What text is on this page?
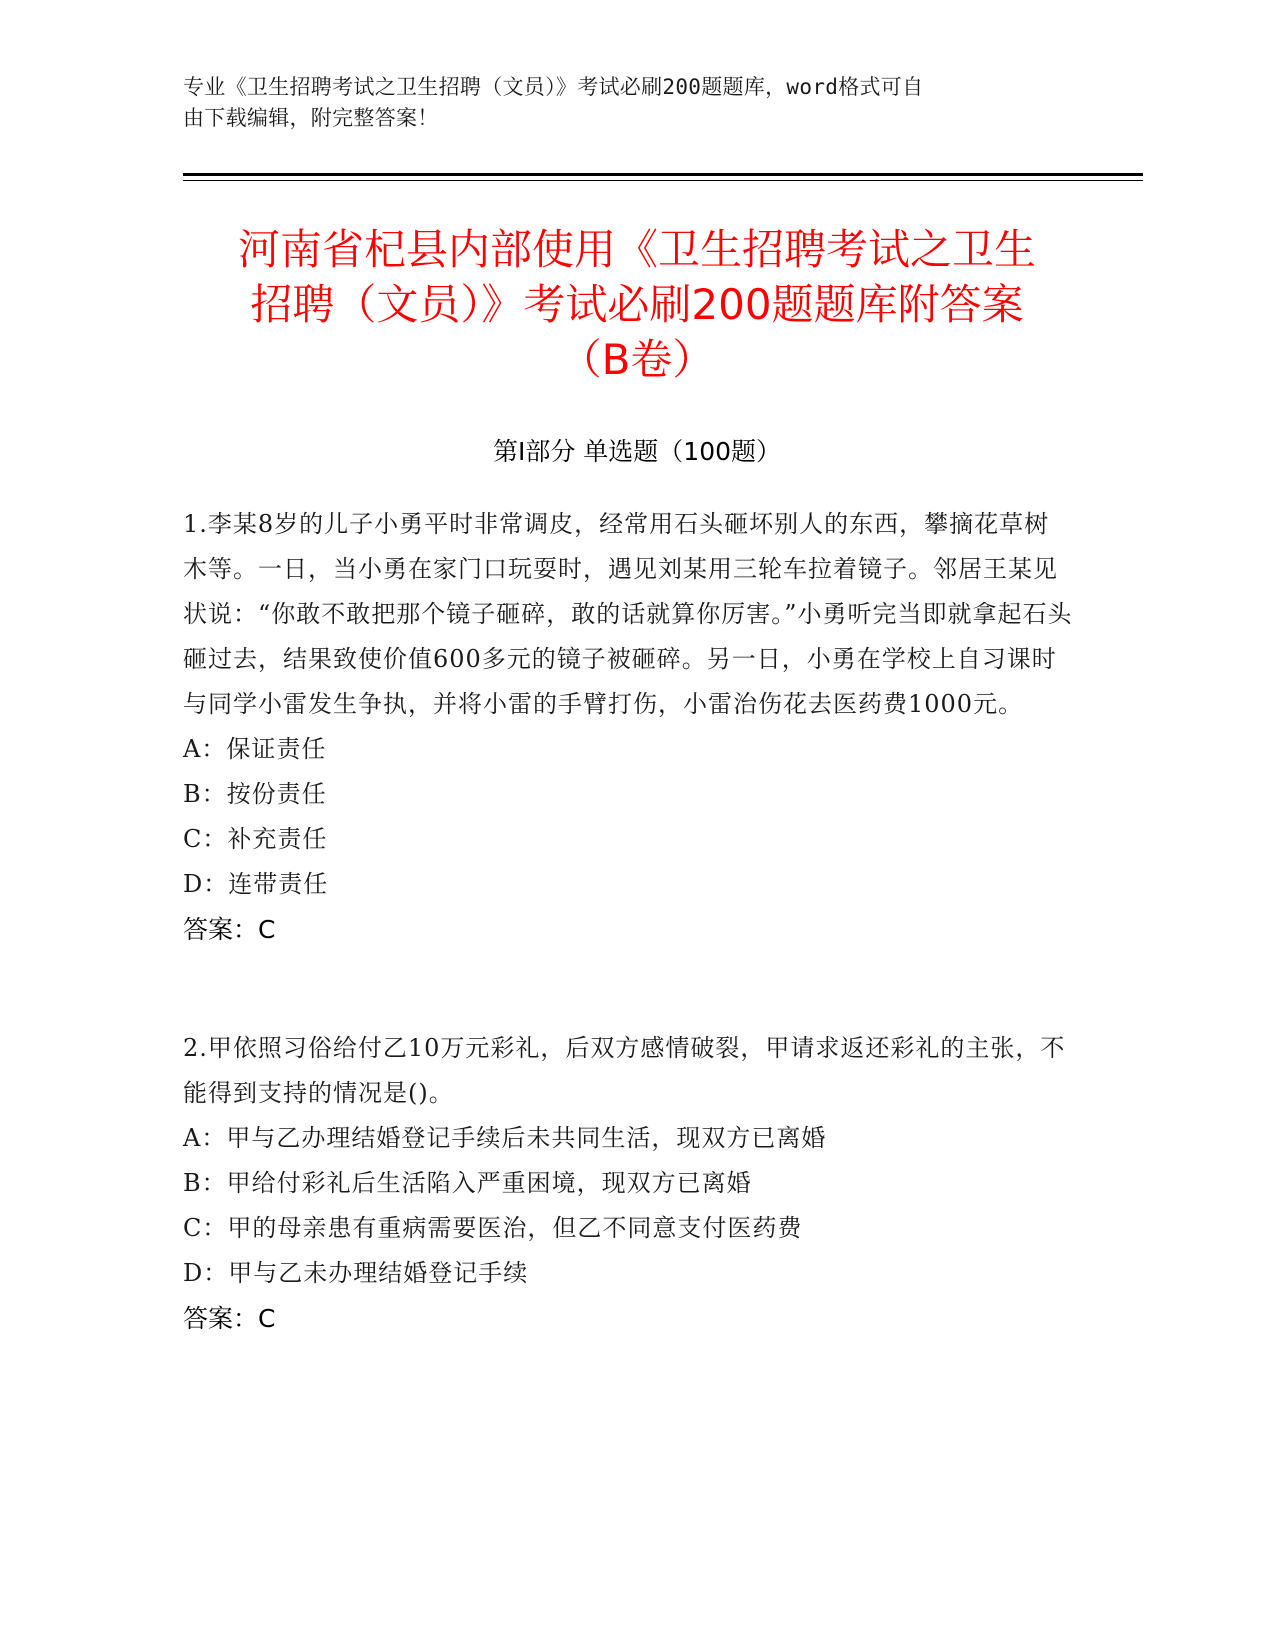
专业《卫生招聘考试之卫生招聘（文员）》考试必刷200题题库，word格式可自
由下载编辑，附完整答案！
河南省杞县内部使用《卫生招聘考试之卫生
招聘（文员）》考试必刷200题题库附答案
（B卷）
第Ⅰ部分 单选题（100题）
1.李某8岁的儿子小勇平时非常调皮，经常用石头砸坏别人的东西，攀摘花草树木等。一日，当小勇在家门口玩耍时，遇见刘某用三轮车拉着镜子。邻居王某见状说：“你敢不敢把那个镜子砸碎，敢的话就算你厉害。”小勇听完当即就拿起石头砸过去，结果致使价值600多元的镜子被砸碎。另一日，小勇在学校上自习课时与同学小雷发生争执，并将小雷的手臂打伤，小雷治伤花去医药费1000元。
A：保证责任
B：按份责任
C：补充责任
D：连带责任
答案：C
2.甲依照习俗给付乙10万元彩礼，后双方感情破裂，甲请求返还彩礼的主张，不能得到支持的情况是()。
A：甲与乙办理结婚登记手续后未共同生活，现双方已离婚
B：甲给付彩礼后生活陷入严重困境，现双方已离婚
C：甲的母亲患有重病需要医治，但乙不同意支付医药费
D：甲与乙未办理结婚登记手续
答案：C
